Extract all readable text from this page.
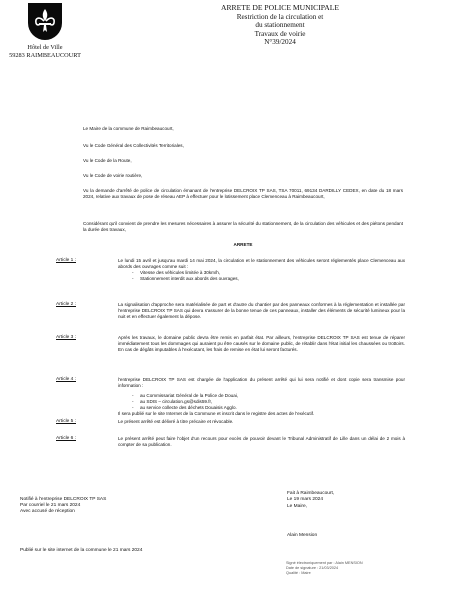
Hôtel de Ville
59283 RAIMBEAUCOURT
ARRETE DE POLICE MUNICIPALE
Restriction de la circulation et
du stationnement
Travaux de voirie
N°39/2024
Le Maire de la commune de Raimbeaucourt,
Vu le Code Général des Collectivités Territoriales,
Vu le Code de la Route,
Vu le Code de voirie routière,
Vu la demande d'arrêté de police de circulation émanant de l'entreprise DELCROIX TP SAS, TSA 70011, 69134 DARDILLY CEDEX, en date du 18 mars 2024, relative aux travaux de pose de réseau AEP à effectuer pour le lotissement place Clemenceau à Raimbeaucourt,
Considérant qu'il convient de prendre les mesures nécessaires à assurer la sécurité du stationnement, de la circulation des véhicules et des piétons pendant la durée des travaux,
ARRETE
Article 1 :	Le lundi 15 avril et jusqu'au mardi 14 mai 2024, la circulation et le stationnement des véhicules seront réglementés place Clemenceau aux abords des ouvrages comme suit :
- Vitesse des véhicules limitée à 30km/h,
- Stationnement interdit aux abords des ouvrages,
Article 2 :	La signalisation d'approche sera matérialisée de part et d'autre du chantier par des panneaux conformes à la réglementation et installée par l'entreprise DELCROIX TP SAS qui devra s'assurer de la bonne tenue de ces panneaux, installer des éléments de sécurité lumineux pour la nuit et en effectuer également la dépose.
Article 3 :	Après les travaux, le domaine public devra être remis en parfait état. Par ailleurs, l'entreprise DELCROIX TP SAS est tenue de réparer immédiatement tous les dommages qui auraient pu être causés sur le domaine public, de rétablir dans l'état initial les chaussées ou trottoirs. En cas de dégâts imputables à l'exécutant, les frais de remise en état lui seront facturés.
Article 4 :	l'entreprise DELCROIX TP SAS est chargée de l'application du présent arrêté qui lui sera notifié et dont copie sera transmise pour information :
- au Commissariat Général de la Police de Douai,
- au SDIS – circulation.gs@sdis59.fr,
- au service collecte des déchets Douaisis Agglo.
Il sera publié sur le site Internet de la Commune et inscrit dans le registre des actes de l'exécutif.
Article 5 :	Le présent arrêté est délivré à titre précaire et révocable.
Article 6 :	Le présent arrêté peut faire l'objet d'un recours pour excès de pouvoir devant le Tribunal Administratif de Lille dans un délai de 2 mois à compter de sa publication.
Notifié à l'entreprise DELCROIX TP SAS
Par courriel le 21 mars 2024
Avec accusé de réception
Fait à Raimbeaucourt,
Le 19 mars 2024
Le Maire,
Alain Mension
Publié sur le site internet de la commune le 21 mars 2024
Signé électroniquement par : Alain MENSION
Date de signature : 21/03/2024
Qualité : Maire
